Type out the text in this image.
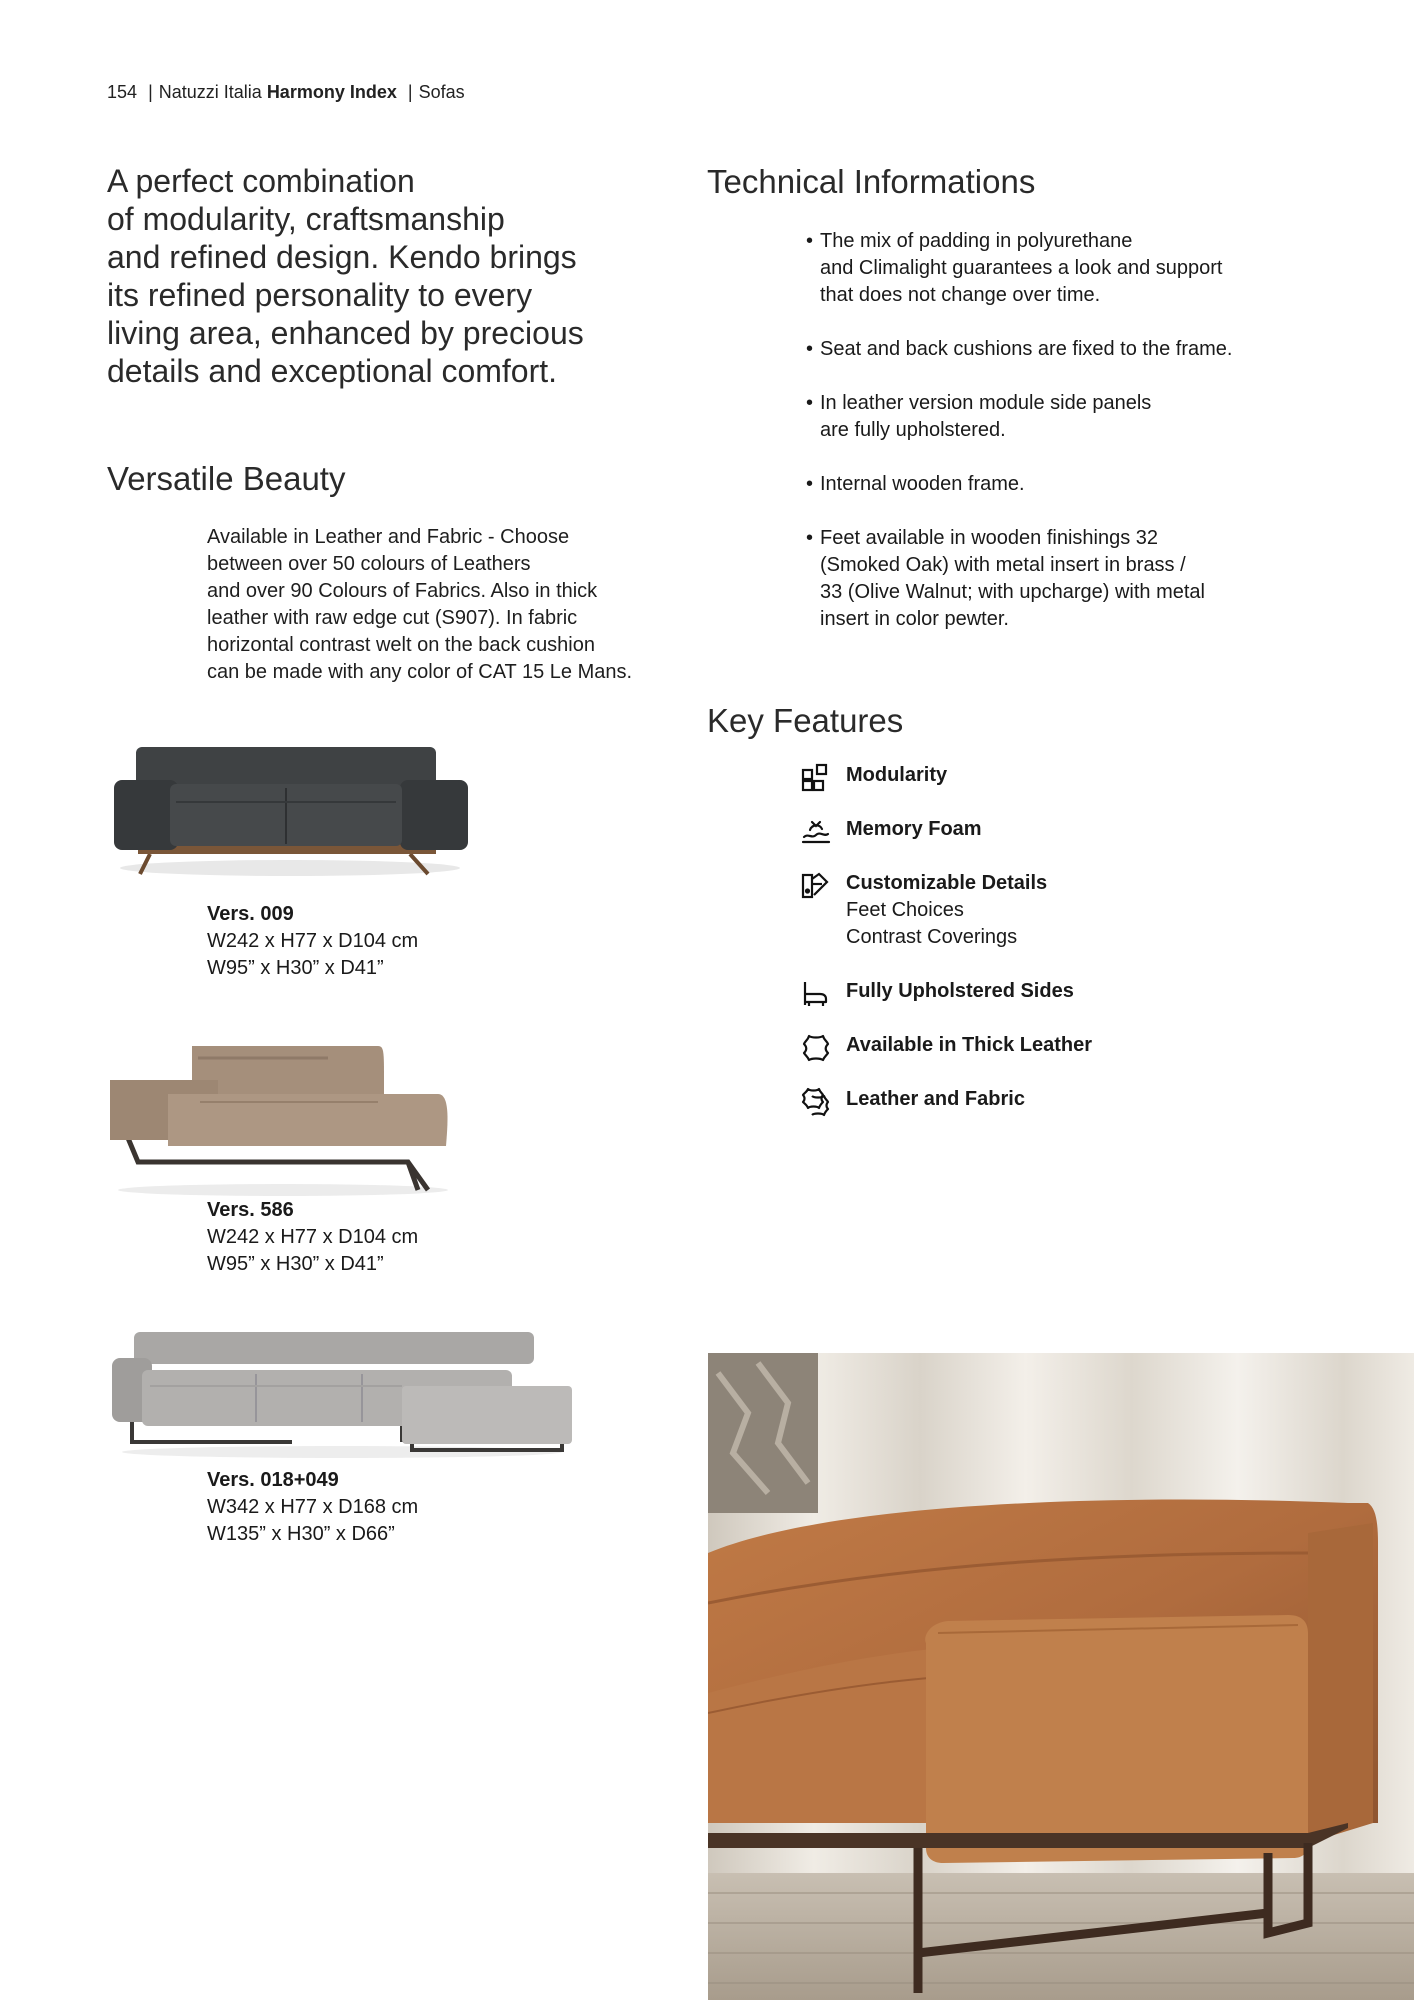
154 | Natuzzi Italia Harmony Index | Sofas
A perfect combination
of modularity, craftsmanship
and refined design. Kendo brings
its refined personality to every
living area, enhanced by precious
details and exceptional comfort.
Versatile Beauty
Available in Leather and Fabric - Choose
between over 50 colours of Leathers
and over 90 Colours of Fabrics. Also in thick
leather with raw edge cut (S907). In fabric
horizontal contrast welt on the back cushion
can be made with any color of CAT 15 Le Mans.
Technical Informations
• The mix of padding in polyurethane
and Climalight guarantees a look and support
that does not change over time.
• Seat and back cushions are fixed to the frame.
• In leather version module side panels
are fully upholstered.
• Internal wooden frame.
• Feet available in wooden finishings 32
(Smoked Oak) with metal insert in brass /
33 (Olive Walnut; with upcharge) with metal
insert in color pewter.
Key Features
Modularity
Memory Foam
Customizable Details
Feet Choices
Contrast Coverings
Fully Upholstered Sides
Available in Thick Leather
Leather and Fabric
Vers. 009
W242 x H77 x D104 cm
W95” x H30” x D41”
Vers. 586
W242 x H77 x D104 cm
W95” x H30” x D41”
Vers. 018+049
W342 x H77 x D168 cm
W135” x H30” x D66”
